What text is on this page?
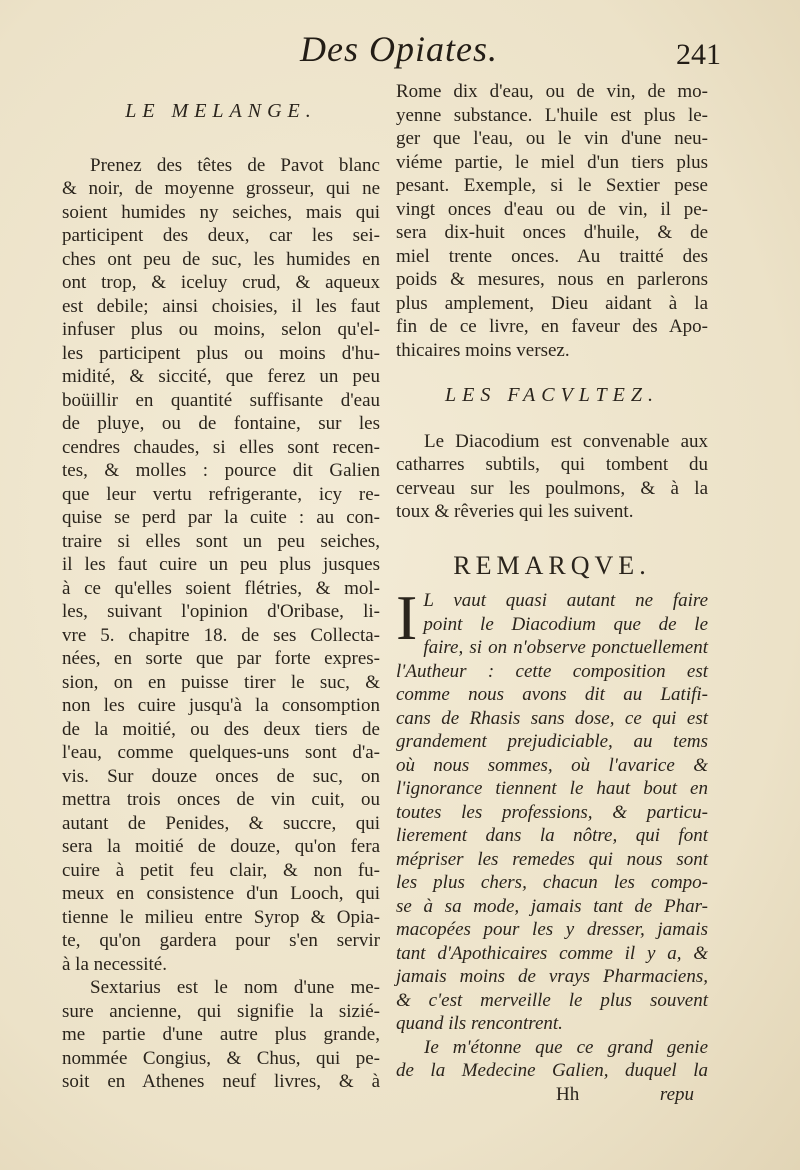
Des Opiates.	241

LE MELANGE.

Prenez des têtes de Pavot blanc
& noir, de moyenne grosseur, qui ne
soient humides ny seiches, mais qui
participent des deux, car les sei-
ches ont peu de suc, les humides en
ont trop, & iceluy crud, & aqueux
est debile; ainsi choisies, il les faut
infuser plus ou moins, selon qu'el-
les participent plus ou moins d'hu-
midité, & siccité, que ferez un peu
boüillir en quantité suffisante d'eau
de pluye, ou de fontaine, sur les
cendres chaudes, si elles sont recen-
tes, & molles : pource dit Galien
que leur vertu refrigerante, icy re-
quise se perd par la cuite : au con-
traire si elles sont un peu seiches,
il les faut cuire un peu plus jusques
à ce qu'elles soient flétries, & mol-
les, suivant l'opinion d'Oribase, li-
vre 5. chapitre 18. de ses Collecta-
nées, en sorte que par forte expres-
sion, on en puisse tirer le suc, &
non les cuire jusqu'à la consomption
de la moitié, ou des deux tiers de
l'eau, comme quelques-uns sont d'a-
vis. Sur douze onces de suc, on
mettra trois onces de vin cuit, ou
autant de Penides, & succre, qui
sera la moitié de douze, qu'on fera
cuire à petit feu clair, & non fu-
meux en consistence d'un Looch, qui
tienne le milieu entre Syrop & Opia-
te, qu'on gardera pour s'en servir
à la necessité.
Sextarius est le nom d'une me-
sure ancienne, qui signifie la sizié-
me partie d'une autre plus grande,
nommée Congius, & Chus, qui pe-
soit en Athenes neuf livres, & à
Rome dix d'eau, ou de vin, de mo-
yenne substance. L'huile est plus le-
ger que l'eau, ou le vin d'une neu-
viéme partie, le miel d'un tiers plus
pesant. Exemple, si le Sextier pese
vingt onces d'eau ou de vin, il pe-
sera dix-huit onces d'huile, & de
miel trente onces. Au traitté des
poids & mesures, nous en parlerons
plus amplement, Dieu aidant à la
fin de ce livre, en faveur des Apo-
thicaires moins versez.

LES FACVLTEZ.

Le Diacodium est convenable aux
catharres subtils, qui tombent du
cerveau sur les poulmons, & à la
toux & rêveries qui les suivent.
REMARQVE.
I L vaut quasi autant ne faire
point le Diacodium que de le
faire, si on n'observe ponctuellement
l'Autheur : cette composition est
comme nous avons dit au Latifi-
cans de Rhasis sans dose, ce qui est
grandement prejudiciable, au tems
où nous sommes, où l'avarice &
l'ignorance tiennent le haut bout en
toutes les professions, & particu-
lierement dans la nôtre, qui font
mépriser les remedes qui nous sont
les plus chers, chacun les compo-
se à sa mode, jamais tant de Phar-
macopées pour les y dresser, jamais
tant d'Apothicaires comme il y a, &
jamais moins de vrays Pharmaciens,
& c'est merveille le plus souvent
quand ils rencontrent.
Ie m'étonne que ce grand genie
de la Medecine Galien, duquel la
Hh	repu
